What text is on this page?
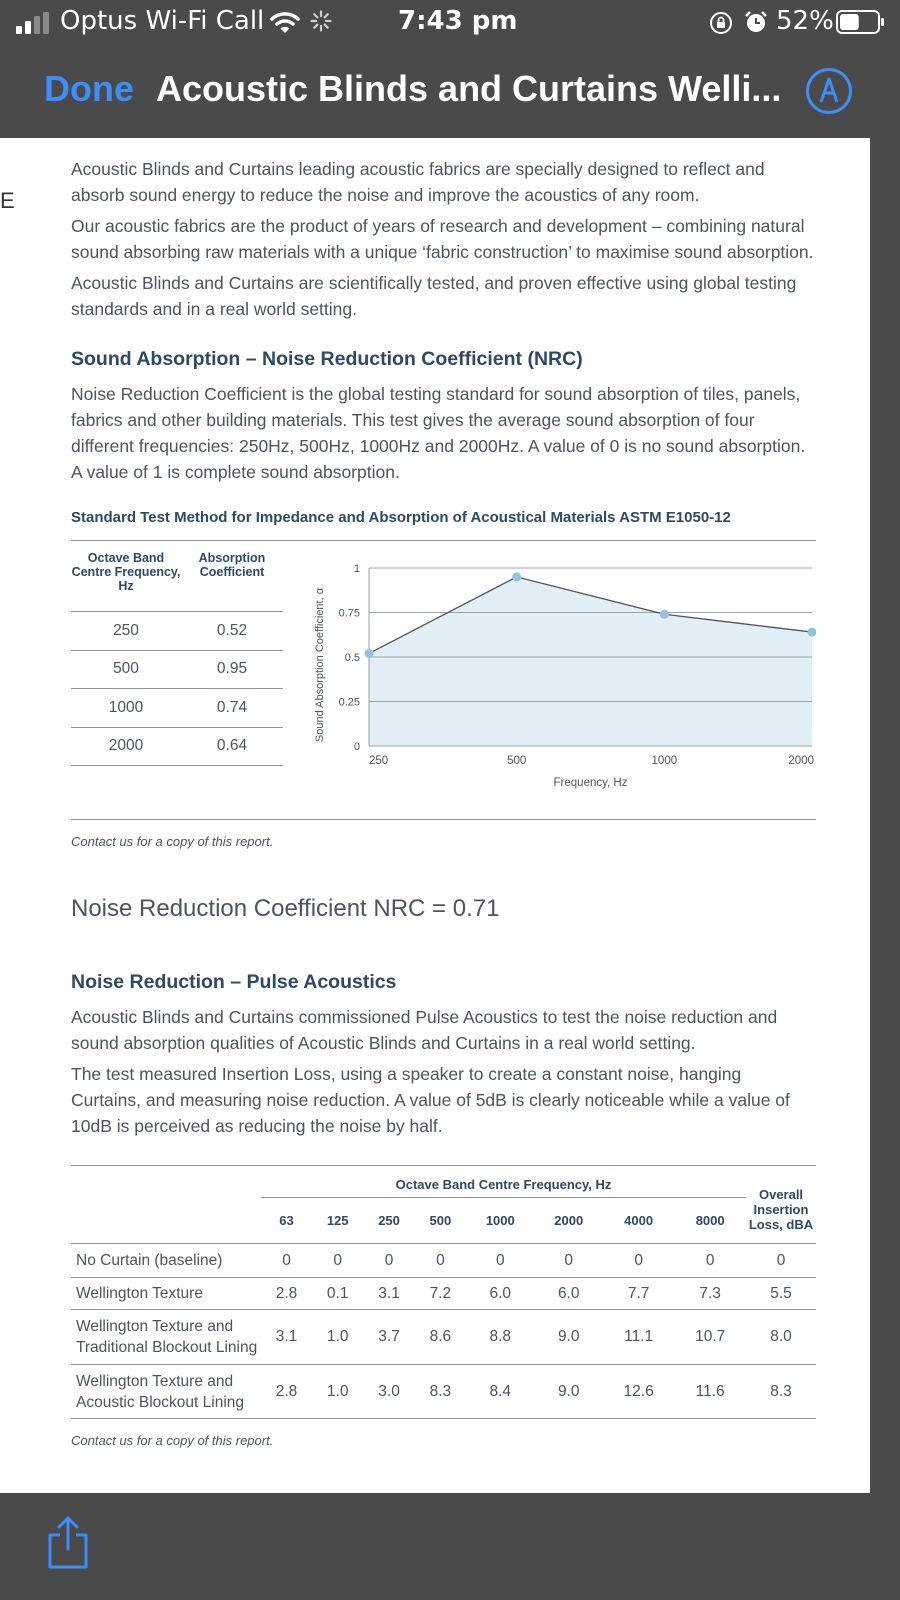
Optus Wi-Fi Call	7:43 pm	52%
Done Acoustic Blinds and Curtains Welli...
E

Acoustic Blinds and Curtains leading acoustic fabrics are specially designed to reflect and absorb sound energy to reduce the noise and improve the acoustics of any room.

Our acoustic fabrics are the product of years of research and development – combining natural sound absorbing raw materials with a unique ‘fabric construction’ to maximise sound absorption.

Acoustic Blinds and Curtains are scientifically tested, and proven effective using global testing standards and in a real world setting.

Sound Absorption – Noise Reduction Coefficient (NRC)

Noise Reduction Coefficient is the global testing standard for sound absorption of tiles, panels, fabrics and other building materials. This test gives the average sound absorption of four different frequencies: 250Hz, 500Hz, 1000Hz and 2000Hz. A value of 0 is no sound absorption. A value of 1 is complete sound absorption.

Standard Test Method for Impedance and Absorption of Acoustical Materials ASTM E1050-12
Octave Band Centre Frequency, Hz
Absorption Coefficient
250	0.52
500	0.95
1000	0.74
2000	0.64	0
0.25
0.5
0.75
1
250	500	1000	2000
Frequency, Hz
Sound Absorption Coefficient, α

Contact us for a copy of this report.

Noise Reduction Coefficient NRC = 0.71

Noise Reduction – Pulse Acoustics

Acoustic Blinds and Curtains commissioned Pulse Acoustics to test the noise reduction and sound absorption qualities of Acoustic Blinds and Curtains in a real world setting.

The test measured Insertion Loss, using a speaker to create a constant noise, hanging Curtains, and measuring noise reduction. A value of 5dB is clearly noticeable while a value of 10dB is perceived as reducing the noise by half.

	Octave Band Centre Frequency, Hz								Overall Insertion Loss, dBA
	63	125	250	500	1000	2000	4000	8000	
No Curtain (baseline)	0	0	0	0	0	0	0	0	0
Wellington Texture	2.8	0.1	3.1	7.2	6.0	6.0	7.7	7.3	5.5
Wellington Texture and Traditional Blockout Lining	3.1	1.0	3.7	8.6	8.8	9.0	11.1	10.7	8.0
Wellington Texture and Acoustic Blockout Lining	2.8	1.0	3.0	8.3	8.4	9.0	12.6	11.6	8.3

Contact us for a copy of this report.
